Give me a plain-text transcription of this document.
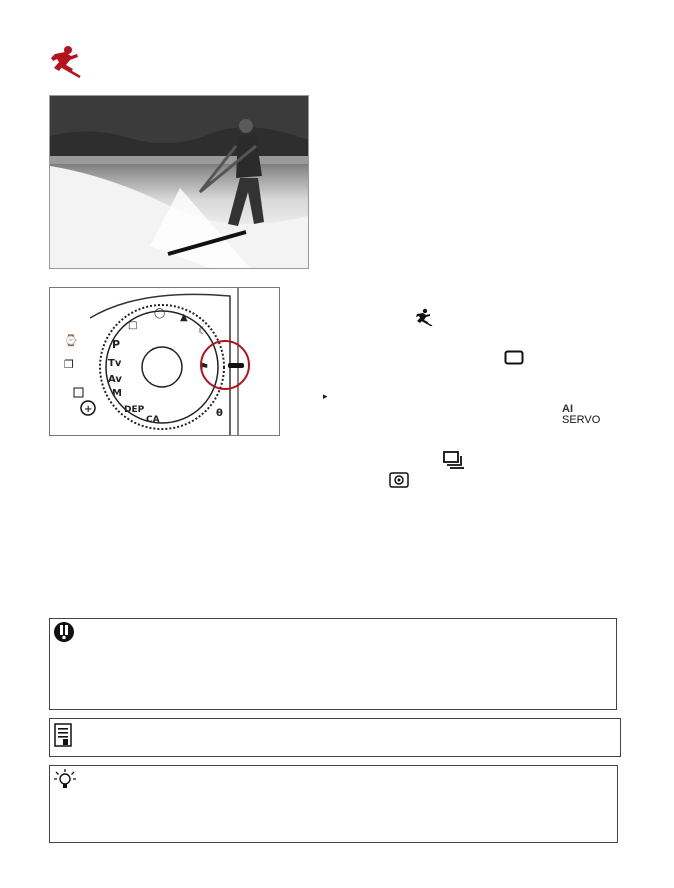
P
Tv
Av
M
DEP
CA
□
◯ ▲
☾
⚑
⌚
❐
+	θ
▸
AI
SERVO
